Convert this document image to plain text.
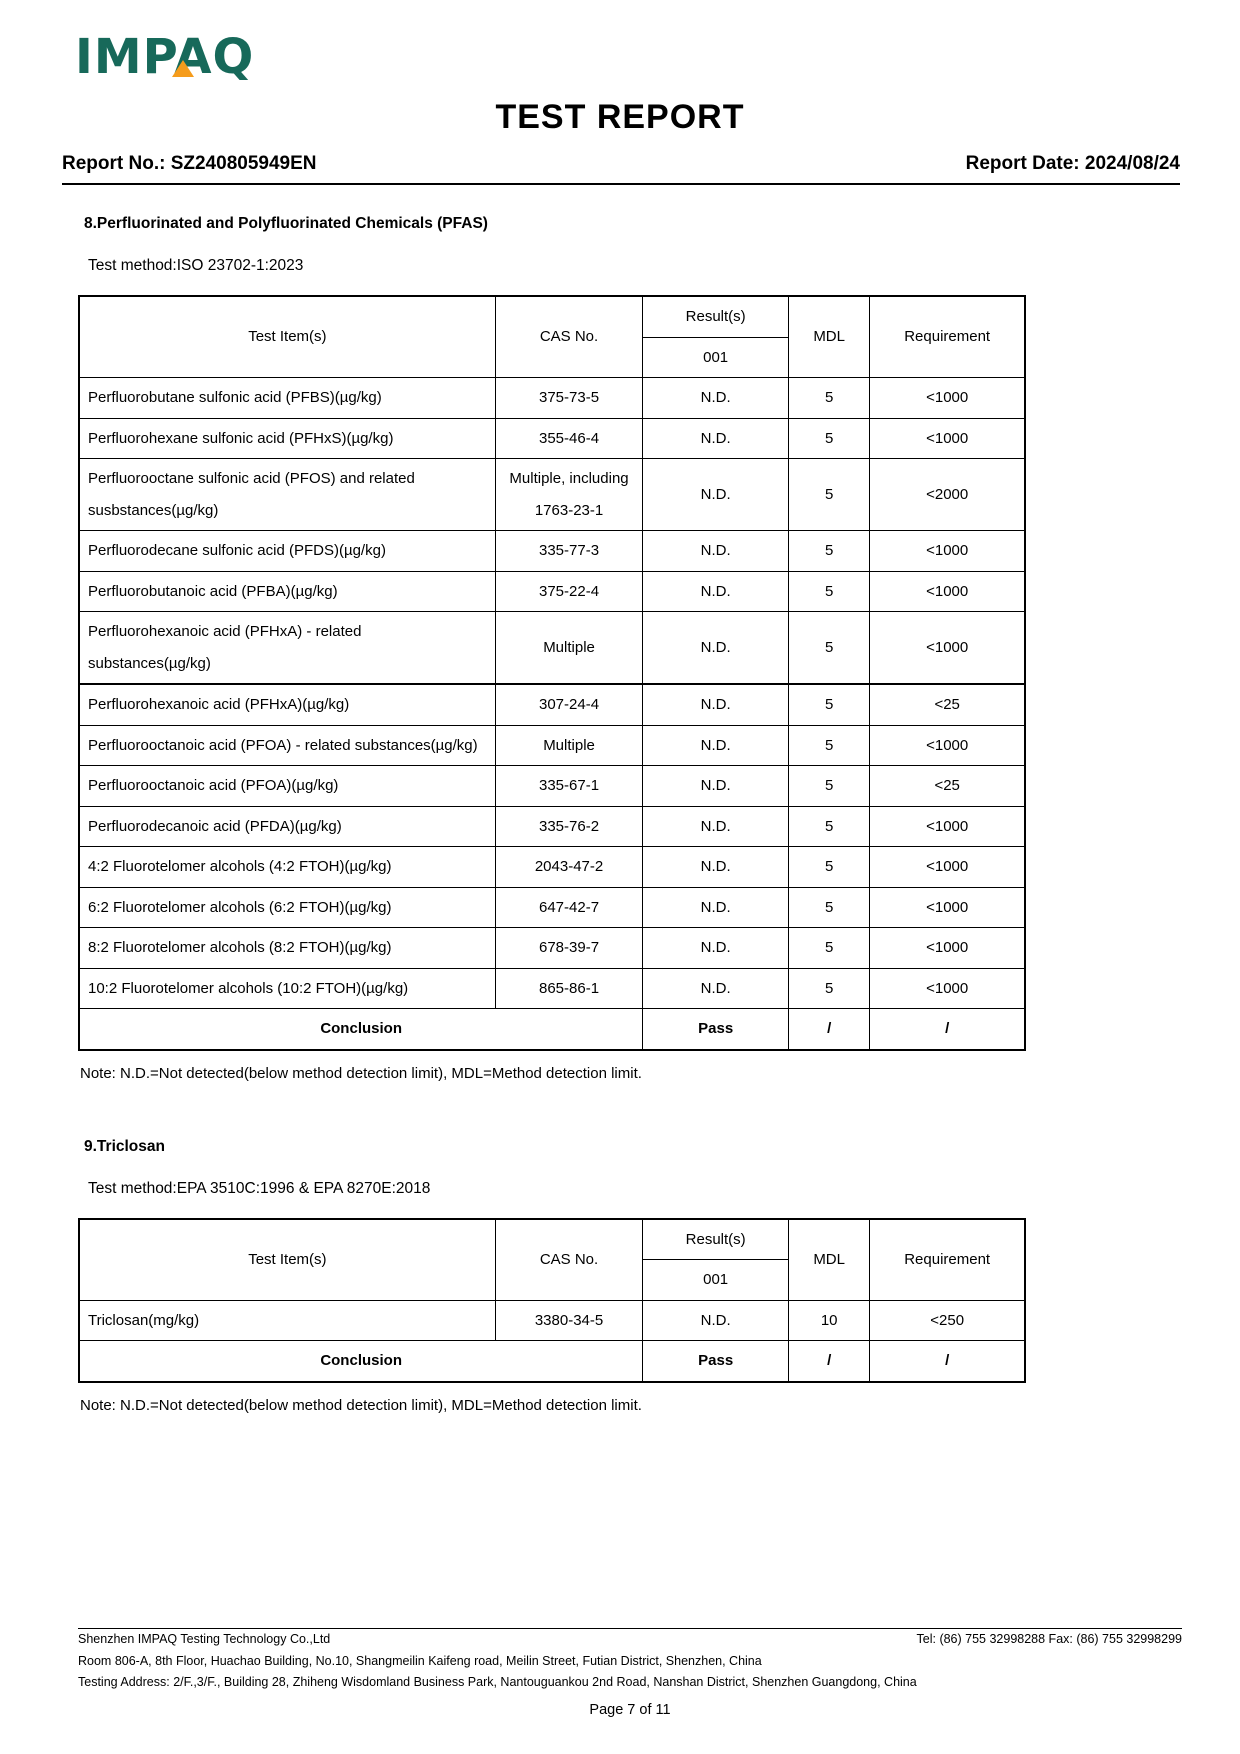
IMPAQ
TEST REPORT
Report No.: SZ240805949EN	Report Date: 2024/08/24
8.Perfluorinated and Polyfluorinated Chemicals (PFAS)
Test method:ISO 23702-1:2023
Test Item(s)	CAS No.	Result(s)	MDL	Requirement
		001		
Perfluorobutane sulfonic acid (PFBS)(µg/kg)	375-73-5	N.D.	5	<1000
Perfluorohexane sulfonic acid (PFHxS)(µg/kg)	355-46-4	N.D.	5	<1000
Perfluorooctane sulfonic acid (PFOS) and related susbstances(µg/kg)	Multiple, including 1763-23-1	N.D.	5	<2000
Perfluorodecane sulfonic acid (PFDS)(µg/kg)	335-77-3	N.D.	5	<1000
Perfluorobutanoic acid (PFBA)(µg/kg)	375-22-4	N.D.	5	<1000
Perfluorohexanoic acid (PFHxA) - related substances(µg/kg)	Multiple	N.D.	5	<1000
Perfluorohexanoic acid (PFHxA)(µg/kg)	307-24-4	N.D.	5	<25
Perfluorooctanoic acid (PFOA) - related substances(µg/kg)	Multiple	N.D.	5	<1000
Perfluorooctanoic acid (PFOA)(µg/kg)	335-67-1	N.D.	5	<25
Perfluorodecanoic acid (PFDA)(µg/kg)	335-76-2	N.D.	5	<1000
4:2 Fluorotelomer alcohols (4:2 FTOH)(µg/kg)	2043-47-2	N.D.	5	<1000
6:2 Fluorotelomer alcohols (6:2 FTOH)(µg/kg)	647-42-7	N.D.	5	<1000
8:2 Fluorotelomer alcohols (8:2 FTOH)(µg/kg)	678-39-7	N.D.	5	<1000
10:2 Fluorotelomer alcohols (10:2 FTOH)(µg/kg)	865-86-1	N.D.	5	<1000
Conclusion		Pass	/	/
Note: N.D.=Not detected(below method detection limit), MDL=Method detection limit.
9.Triclosan
Test method:EPA 3510C:1996 & EPA 8270E:2018
Test Item(s)	CAS No.	Result(s)	MDL	Requirement
		001		
Triclosan(mg/kg)	3380-34-5	N.D.	10	<250
Conclusion		Pass	/	/
Note: N.D.=Not detected(below method detection limit), MDL=Method detection limit.
Shenzhen IMPAQ Testing Technology Co.,Ltd	Tel: (86) 755 32998288 Fax: (86) 755 32998299
Room 806-A, 8th Floor, Huachao Building, No.10, Shangmeilin Kaifeng road, Meilin Street, Futian District, Shenzhen, China
Testing Address: 2/F.,3/F., Building 28, Zhiheng Wisdomland Business Park, Nantouguankou 2nd Road, Nanshan District, Shenzhen Guangdong, China
Page 7 of 11
